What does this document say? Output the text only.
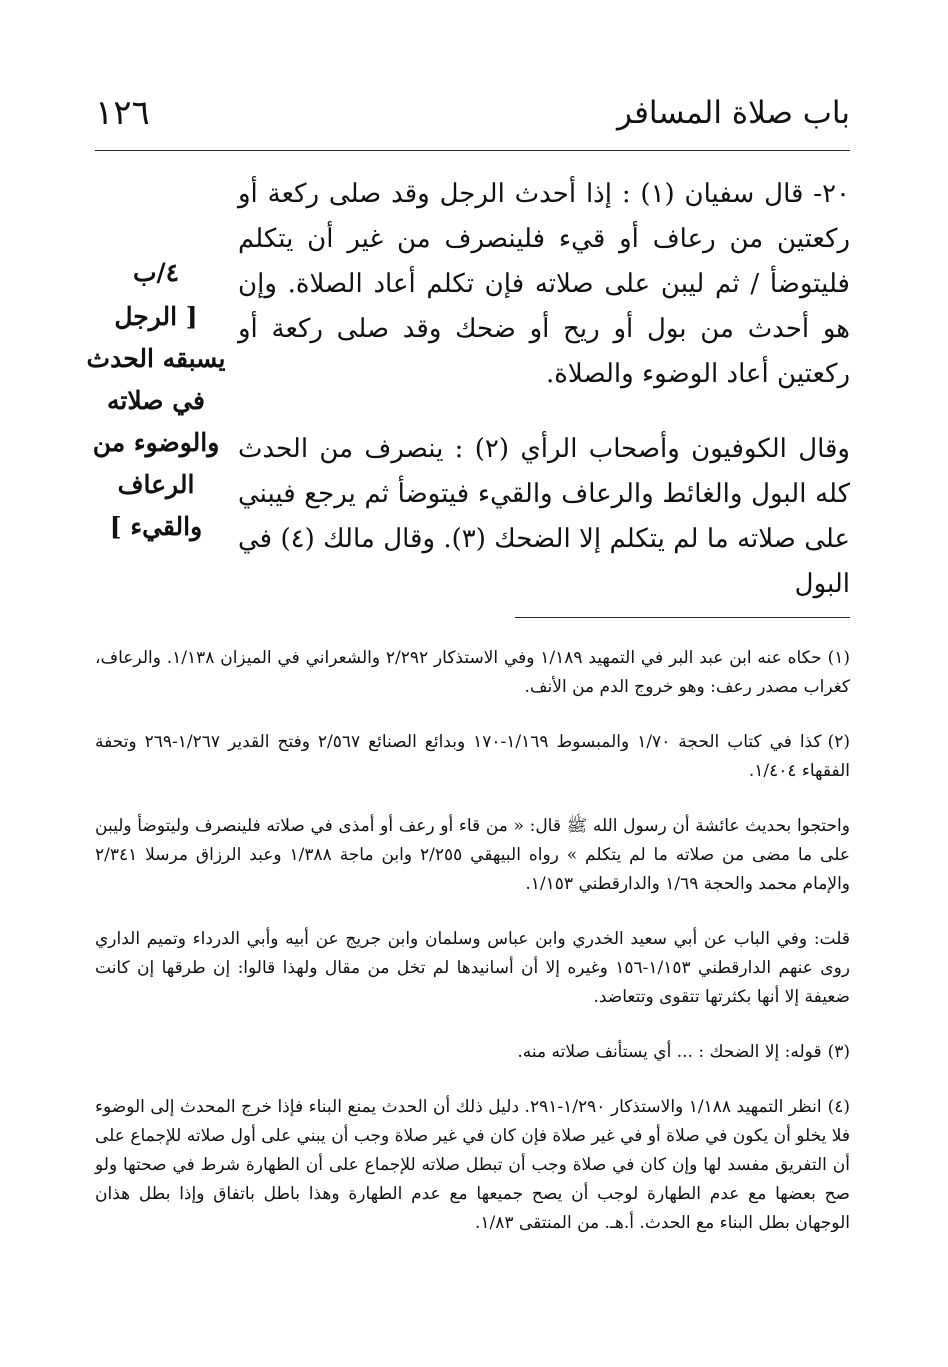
١٢٦	باب صلاة المسافر

٢٠- قال سفيان (١) : إذا أحدث الرجل وقد صلى ركعة أو ركعتين من رعاف أو قيء فلينصرف من غير أن يتكلم فليتوضأ / ثم ليبن على صلاته فإن تكلم أعاد الصلاة. وإن هو أحدث من بول أو ريح أو ضحك وقد صلى ركعة أو ركعتين أعاد الوضوء والصلاة.

وقال الكوفيون وأصحاب الرأي (٢) : ينصرف من الحدث كله البول والغائط والرعاف والقيء فيتوضأ ثم يرجع فيبني على صلاته ما لم يتكلم إلا الضحك (٣). وقال مالك (٤) في البول

٤/ب
[ الرجل يسبقه الحدث في صلاته والوضوء من الرعاف والقيء ]

(١)حكاه عنه ابن عبد البر في التمهيد ١/١٨٩ وفي الاستذكار ٢/٢٩٢ والشعراني في الميزان ١/١٣٨. والرعاف، كغراب مصدر رعف: وهو خروج الدم من الأنف.

(٢)كذا في كتاب الحجة ١/٧٠ والمبسوط ١/١٦٩-١٧٠ وبدائع الصنائع ٢/٥٦٧ وفتح القدير ١/٢٦٧-٢٦٩ وتحفة الفقهاء ١/٤٠٤.

واحتجوا بحديث عائشة أن رسول الله ﷺ قال: « من قاء أو رعف أو أمذى في صلاته فلينصرف وليتوضأ وليبن على ما مضى من صلاته ما لم يتكلم » رواه البيهقي ٢/٢٥٥ وابن ماجة ١/٣٨٨ وعبد الرزاق مرسلا ٢/٣٤١ والإمام محمد والحجة ١/٦٩ والدارقطني ١/١٥٣.

قلت: وفي الباب عن أبي سعيد الخدري وابن عباس وسلمان وابن جريج عن أبيه وأبي الدرداء وتميم الداري روى عنهم الدارقطني ١/١٥٣-١٥٦ وغيره إلا أن أسانيدها لم تخل من مقال ولهذا قالوا: إن طرقها إن كانت ضعيفة إلا أنها بكثرتها تتقوى وتتعاضد.

(٣)قوله: إلا الضحك : ... أي يستأنف صلاته منه.

(٤)انظر التمهيد ١/١٨٨ والاستذكار ١/٢٩٠-٢٩١. دليل ذلك أن الحدث يمنع البناء فإذا خرج المحدث إلى الوضوء فلا يخلو أن يكون في صلاة أو في غير صلاة فإن كان في غير صلاة وجب أن يبني على أول صلاته للإجماع على أن التفريق مفسد لها وإن كان في صلاة وجب أن تبطل صلاته للإجماع على أن الطهارة شرط في صحتها ولو صح بعضها مع عدم الطهارة لوجب أن يصح جميعها مع عدم الطهارة وهذا باطل باتفاق وإذا بطل هذان الوجهان بطل البناء مع الحدث. أ.هـ. من المنتقى ١/٨٣.
